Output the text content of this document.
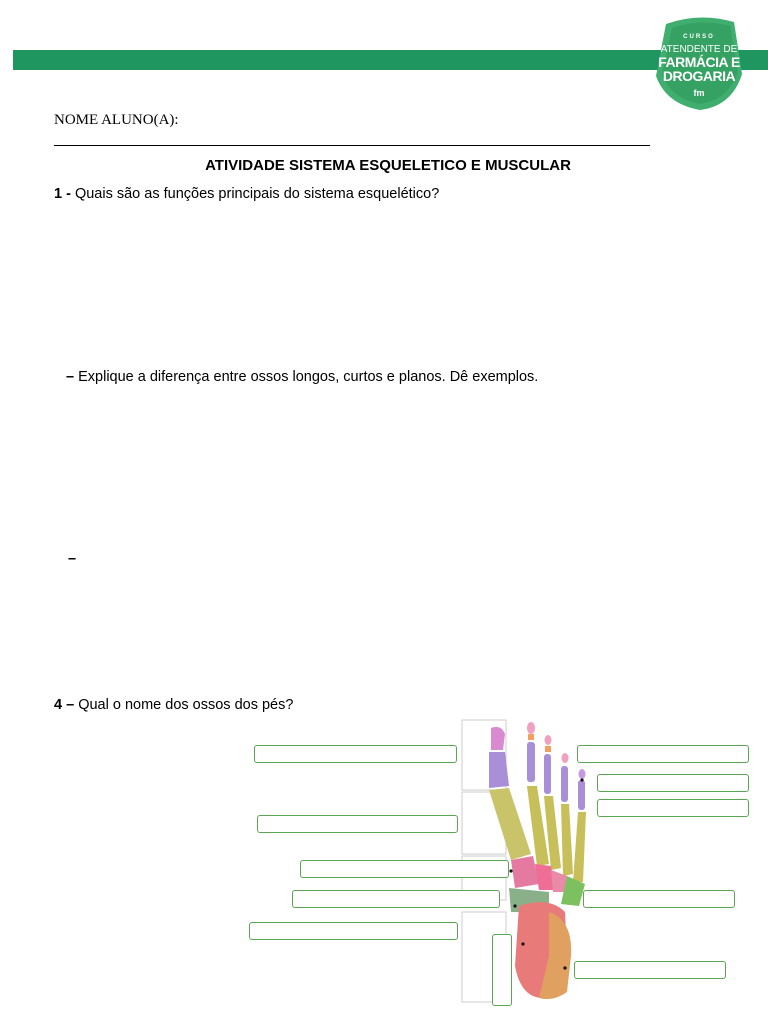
CURSO
ATENDENTE DE
FARMÁCIA E
DROGARIA
fm
NOME ALUNO(A):
ATIVIDADE SISTEMA ESQUELETICO E MUSCULAR
1 - Quais são as funções principais do sistema esquelético?
– Explique a diferença entre ossos longos, curtos e planos. Dê exemplos.
–
4 – Qual o nome dos ossos dos pés?
